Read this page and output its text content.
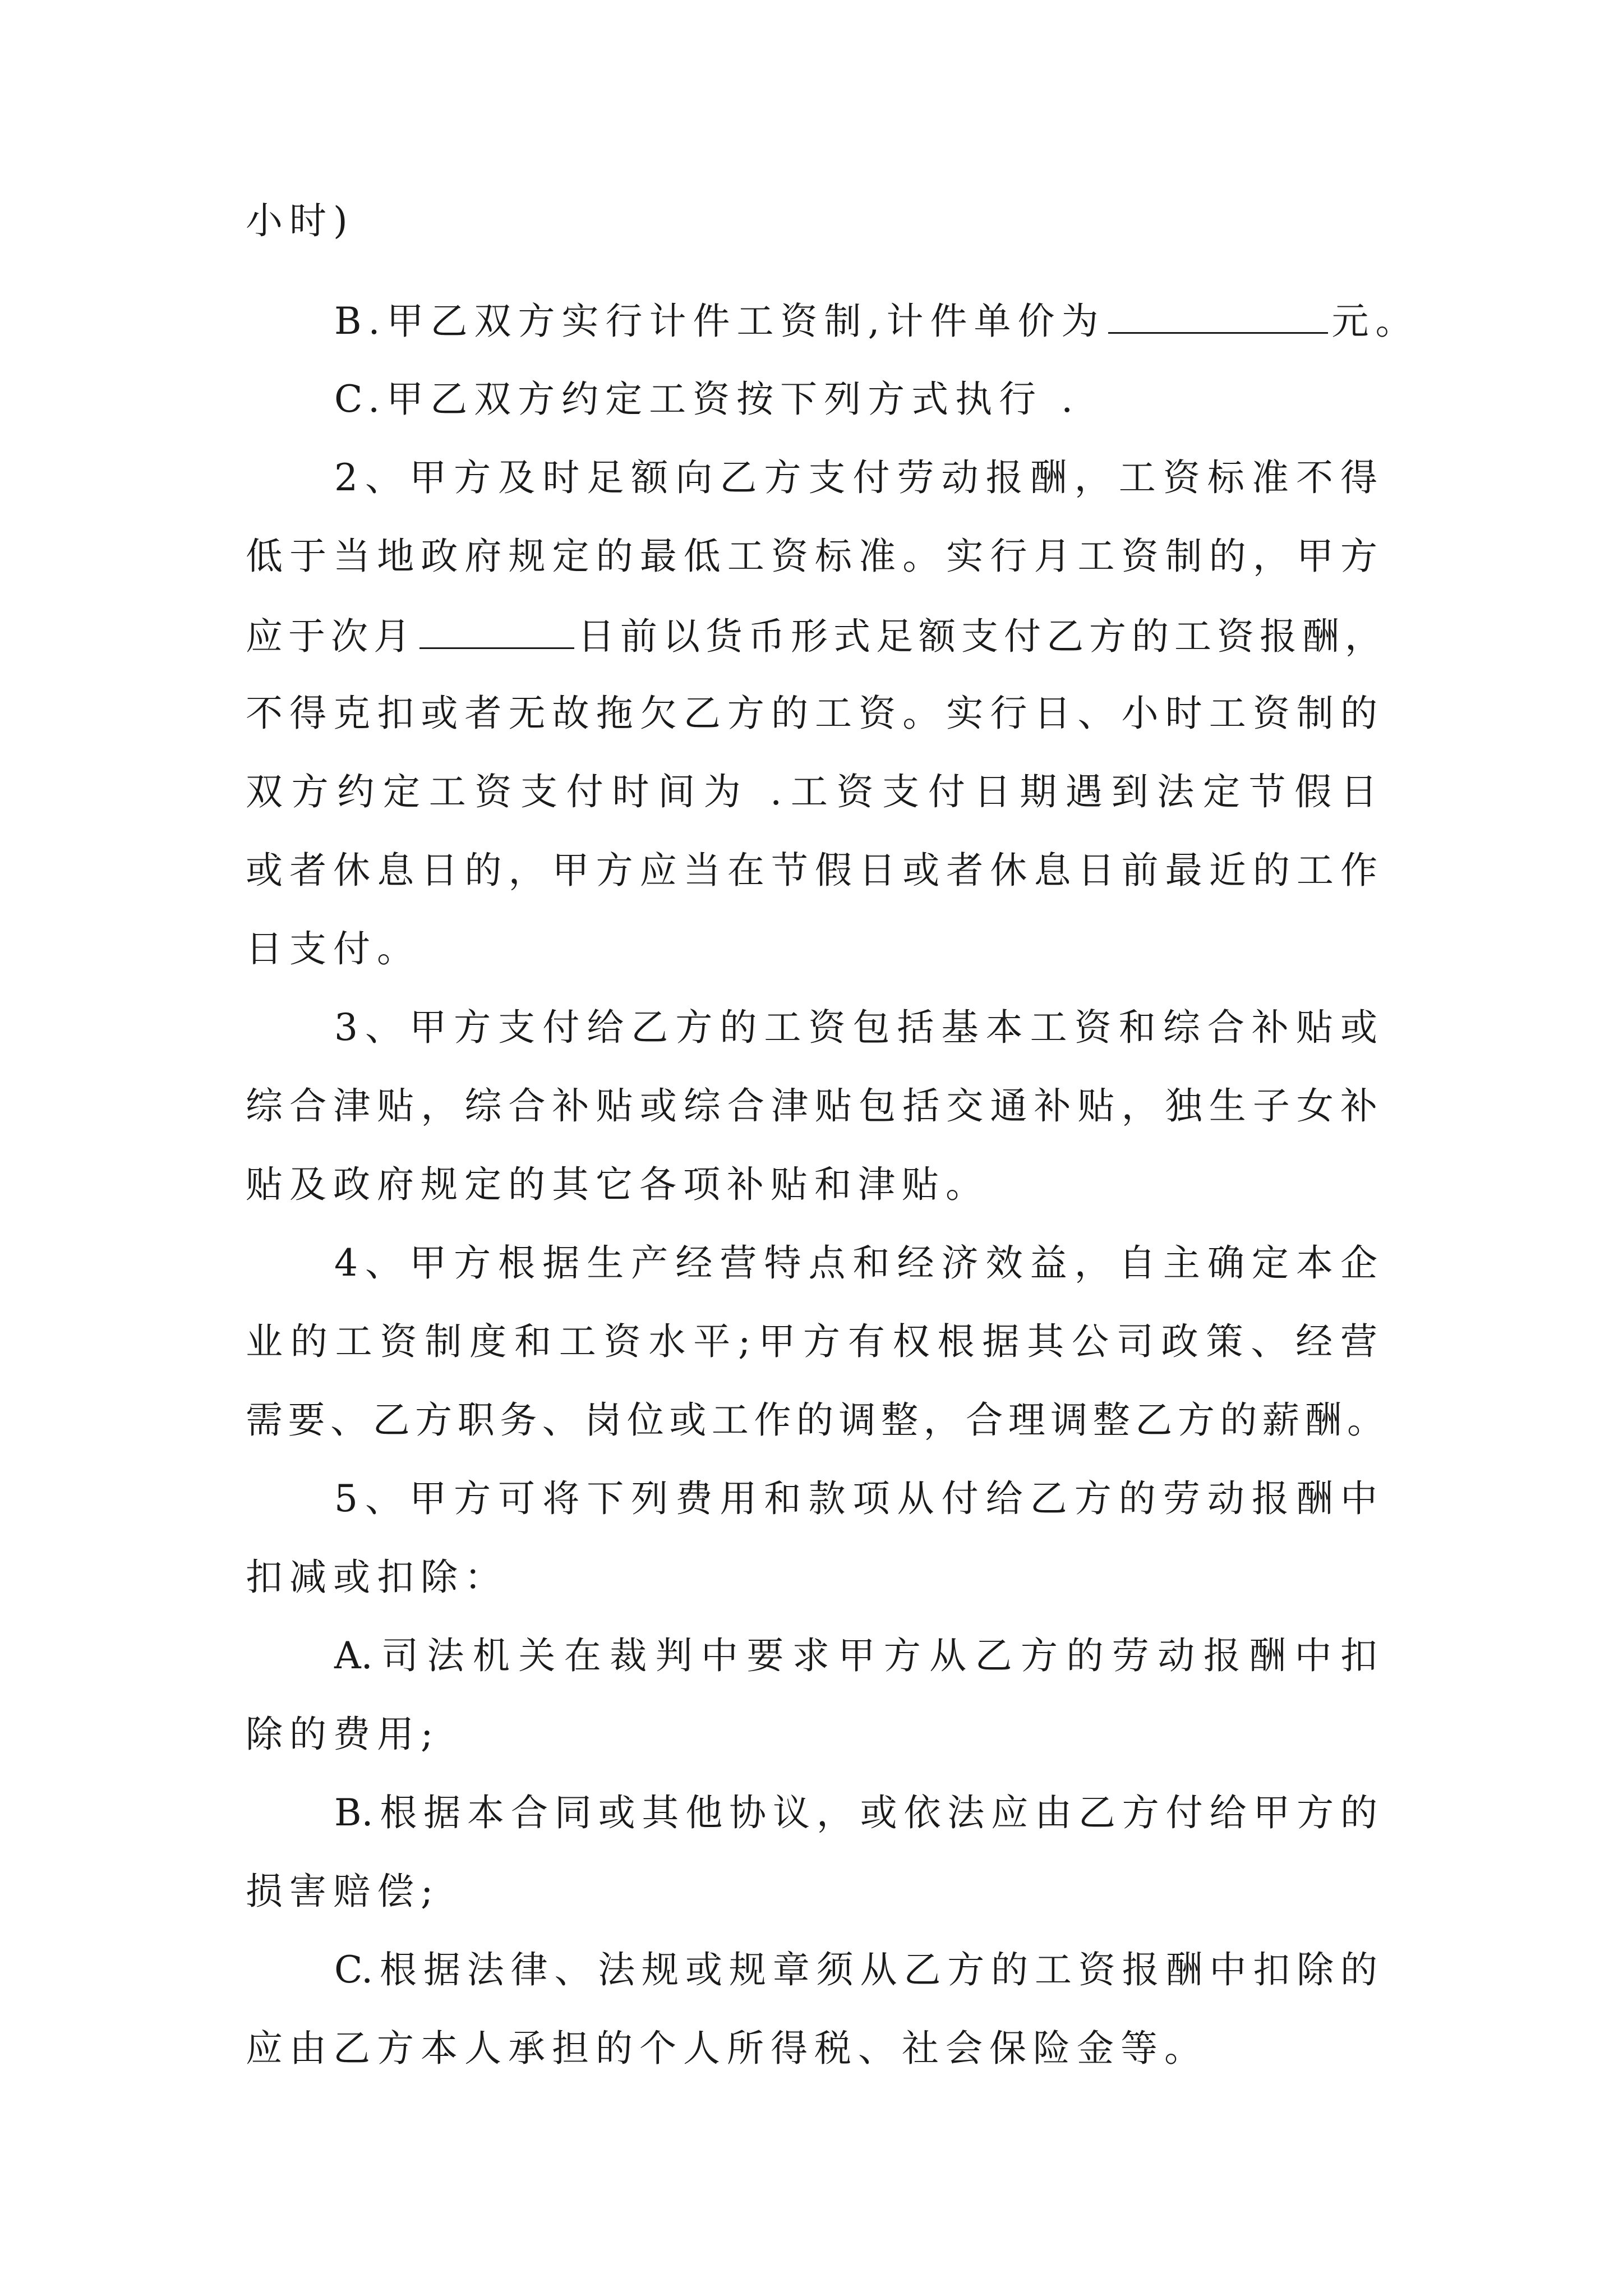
小时)
B.甲乙双方实行计件工资制,计件单价为	元。
C.甲乙双方约定工资按下列方式执行 .
2、甲方及时足额向乙方支付劳动报酬，工资标准不得
低于当地政府规定的最低工资标准。实行月工资制的，甲方
应于次月	日前以货币形式足额支付乙方的工资报酬，
不得克扣或者无故拖欠乙方的工资。实行日、小时工资制的
双方约定工资支付时间为 .工资支付日期遇到法定节假日
或者休息日的，甲方应当在节假日或者休息日前最近的工作
日支付。
3、甲方支付给乙方的工资包括基本工资和综合补贴或
综合津贴，综合补贴或综合津贴包括交通补贴，独生子女补
贴及政府规定的其它各项补贴和津贴。
4、甲方根据生产经营特点和经济效益，自主确定本企
业的工资制度和工资水平;甲方有权根据其公司政策、经营
需要、乙方职务、岗位或工作的调整，合理调整乙方的薪酬。
5、甲方可将下列费用和款项从付给乙方的劳动报酬中
扣减或扣除：
A.司法机关在裁判中要求甲方从乙方的劳动报酬中扣
除的费用;
B.根据本合同或其他协议，或依法应由乙方付给甲方的
损害赔偿;
C.根据法律、法规或规章须从乙方的工资报酬中扣除的
应由乙方本人承担的个人所得税、社会保险金等。
